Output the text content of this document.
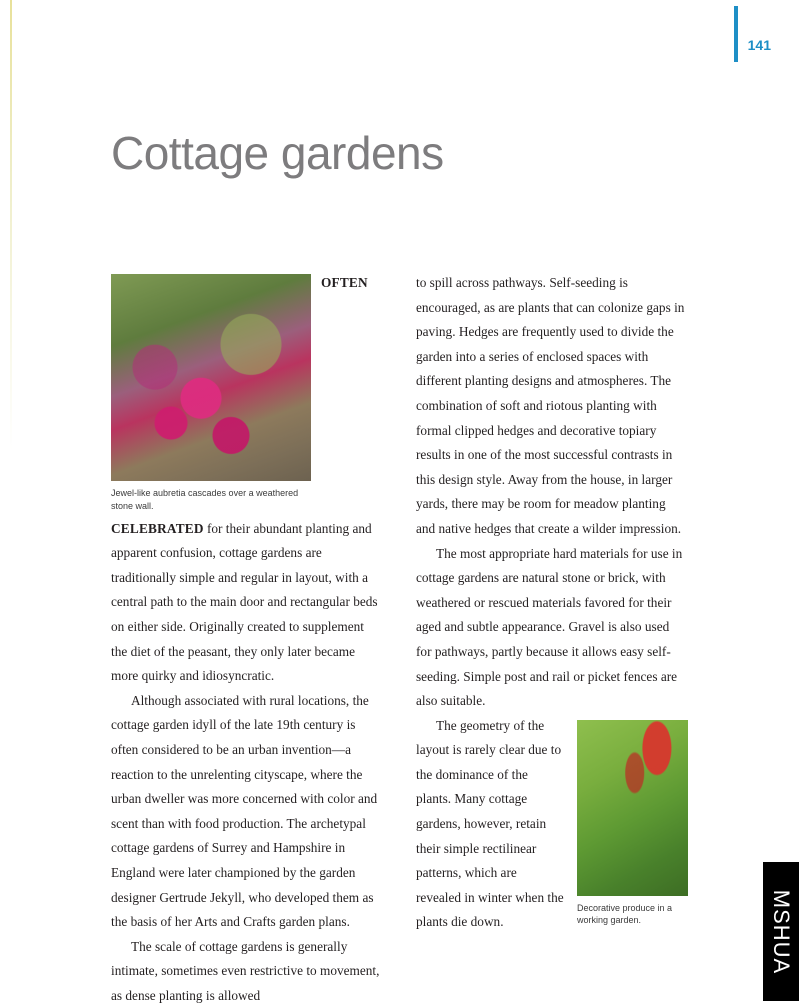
141
MSHUA
Cottage gardens
Jewel-like aubretia cascades over a weathered stone wall.

OFTEN CELEBRATED for their abundant planting and apparent confusion, cottage gardens are traditionally simple and regular in layout, with a central path to the main door and rectangular beds on either side. Originally created to supplement the diet of the peasant, they only later became more quirky and idiosyncratic.

Although associated with rural locations, the cottage garden idyll of the late 19th century is often considered to be an urban invention—a reaction to the unrelenting cityscape, where the urban dweller was more concerned with color and scent than with food production. The archetypal cottage gardens of Surrey and Hampshire in England were later championed by the garden designer Gertrude Jekyll, who developed them as the basis of her Arts and Crafts garden plans.

The scale of cottage gardens is generally intimate, sometimes even restrictive to movement, as dense planting is allowed

to spill across pathways. Self-seeding is encouraged, as are plants that can colonize gaps in paving. Hedges are frequently used to divide the garden into a series of enclosed spaces with different planting designs and atmospheres. The combination of soft and riotous planting with formal clipped hedges and decorative topiary results in one of the most successful contrasts in this design style. Away from the house, in larger yards, there may be room for meadow planting and native hedges that create a wilder impression.

The most appropriate hard materials for use in cottage gardens are natural stone or brick, with weathered or rescued materials favored for their aged and subtle appearance. Gravel is also used for pathways, partly because it allows easy self-seeding. Simple post and rail or picket fences are also suitable.

Decorative produce in a working garden.

The geometry of the layout is rarely clear due to the dominance of the plants. Many cottage gardens, however, retain their simple rectilinear patterns, which are revealed in winter when the plants die down.
